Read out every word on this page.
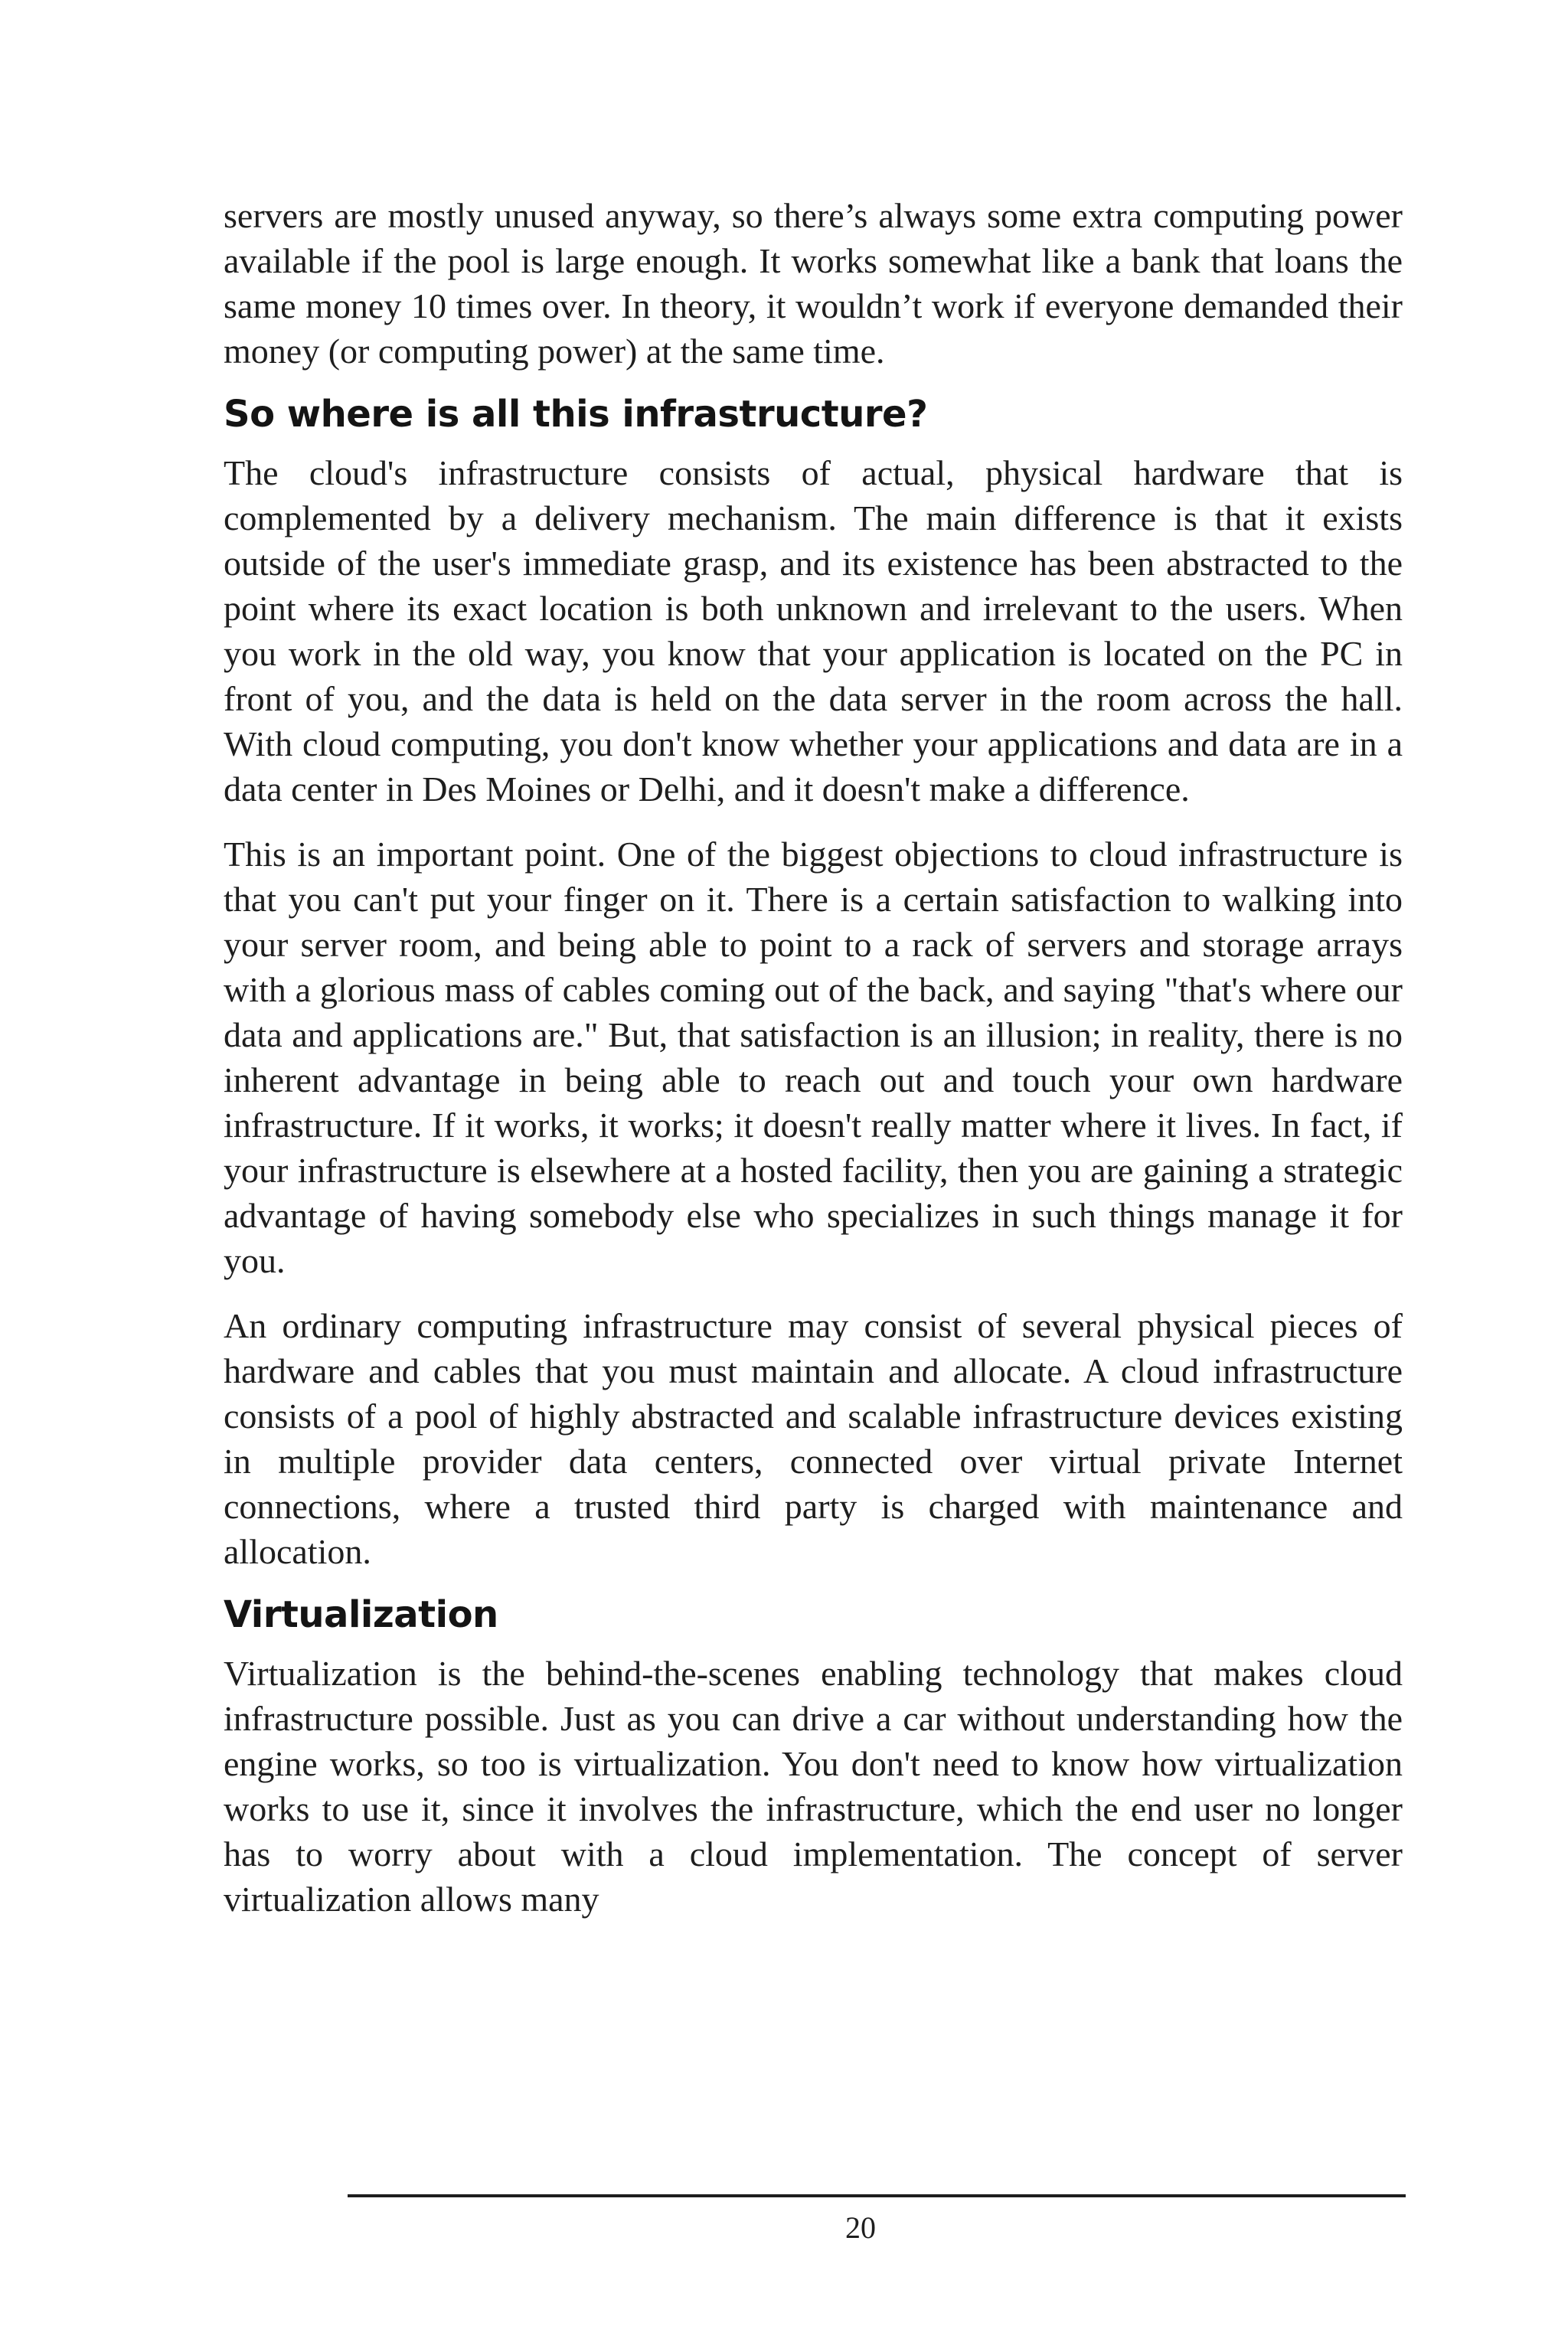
servers are mostly unused anyway, so there’s always some extra computing power available if the pool is large enough. It works somewhat like a bank that loans the same money 10 times over. In theory, it wouldn’t work if everyone demanded their money (or computing power) at the same time.

So where is all this infrastructure?

The cloud's infrastructure consists of actual, physical hardware that is complemented by a delivery mechanism. The main difference is that it exists outside of the user's immediate grasp, and its existence has been abstracted to the point where its exact location is both unknown and irrelevant to the users. When you work in the old way, you know that your application is located on the PC in front of you, and the data is held on the data server in the room across the hall. With cloud computing, you don't know whether your applications and data are in a data center in Des Moines or Delhi, and it doesn't make a difference.

This is an important point. One of the biggest objections to cloud infrastructure is that you can't put your finger on it. There is a certain satisfaction to walking into your server room, and being able to point to a rack of servers and storage arrays with a glorious mass of cables coming out of the back, and saying "that's where our data and applications are." But, that satisfaction is an illusion; in reality, there is no inherent advantage in being able to reach out and touch your own hardware infrastructure. If it works, it works; it doesn't really matter where it lives. In fact, if your infrastructure is elsewhere at a hosted facility, then you are gaining a strategic advantage of having somebody else who specializes in such things manage it for you.

An ordinary computing infrastructure may consist of several physical pieces of hardware and cables that you must maintain and allocate. A cloud infrastructure consists of a pool of highly abstracted and scalable infrastructure devices existing in multiple provider data centers, connected over virtual private Internet connections, where a trusted third party is charged with maintenance and allocation.

Virtualization

Virtualization is the behind-the-scenes enabling technology that makes cloud infrastructure possible. Just as you can drive a car without understanding how the engine works, so too is virtualization. You don't need to know how virtualization works to use it, since it involves the infrastructure, which the end user no longer has to worry about with a cloud implementation. The concept of server virtualization allows many

20
